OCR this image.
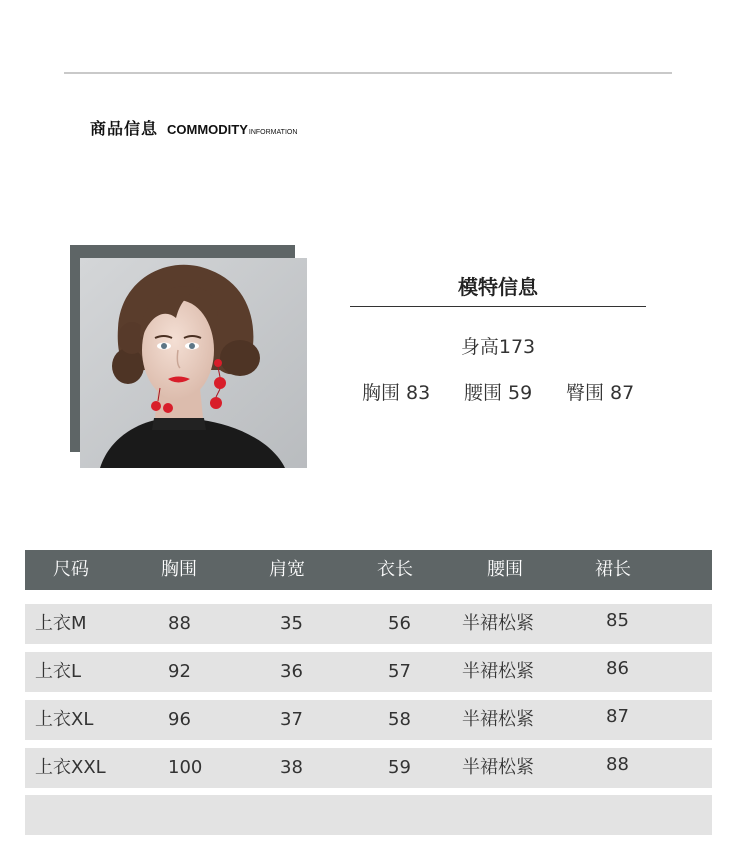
商品信息 COMMODITY INFORMATION
模特信息
身高173
胸围 83 腰围 59 臀围 87
尺码	胸围	肩宽	衣长	腰围	裙长
上衣M	88	35	56	半裙松紧	85
上衣L	92	36	57	半裙松紧	86
上衣XL	96	37	58	半裙松紧	87
上衣XXL	100	38	59	半裙松紧	88
